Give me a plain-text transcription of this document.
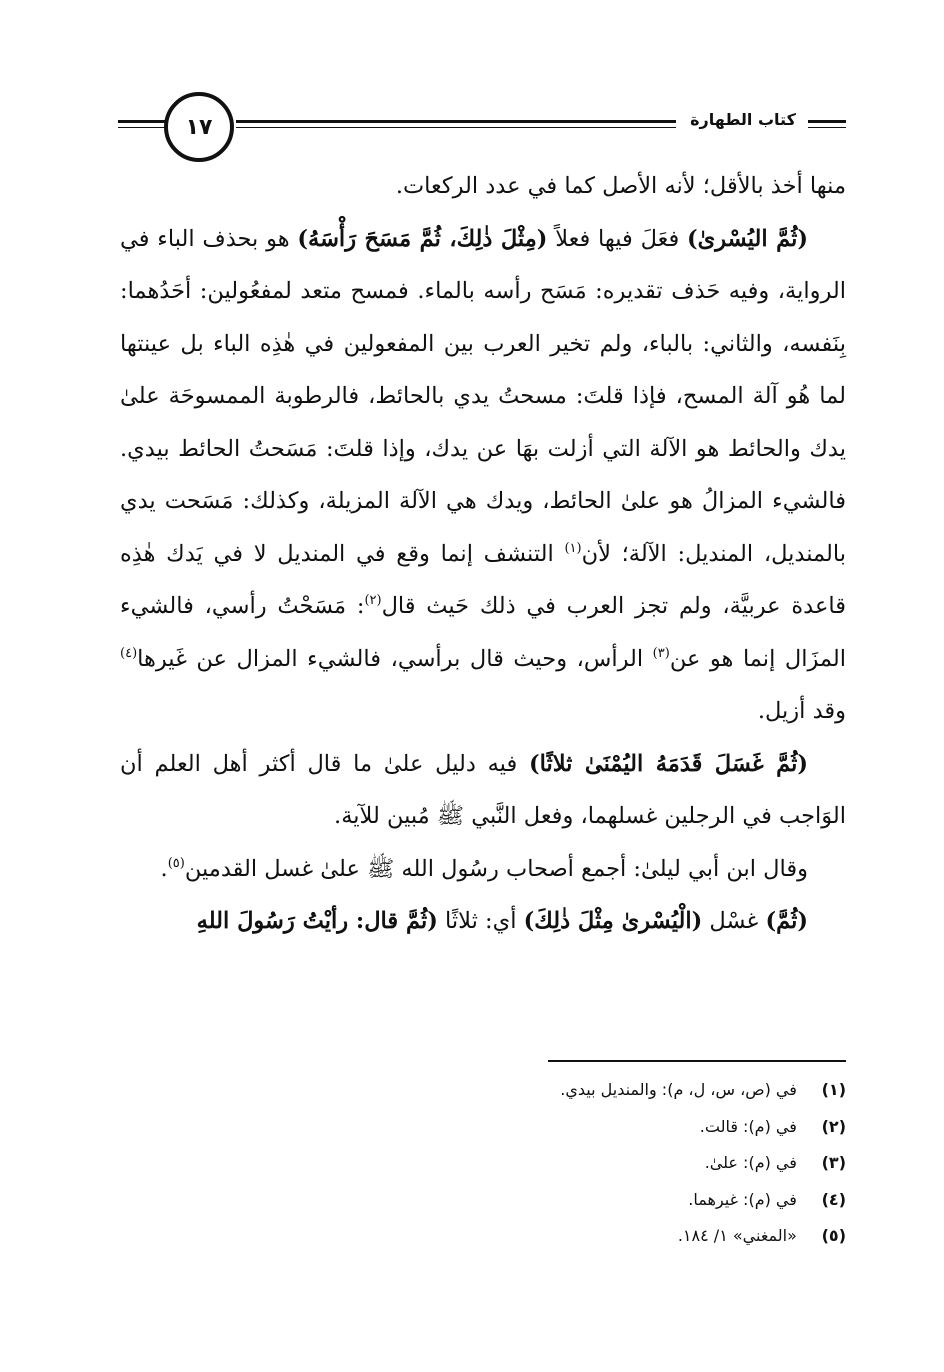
١٧	كتاب الطهارة

منها أخذ بالأقل؛ لأنه الأصل كما في عدد الركعات.

(ثُمَّ اليُسْرىٰ) فعَلَ فيها فعلاً (مِثْلَ ذٰلِكَ، ثُمَّ مَسَحَ رَأْسَهُ) هو بحذف الباء في الرواية، وفيه حَذف تقديره: مَسَح رأسه بالماء. فمسح متعد لمفعُولين: أحَدُهما: بِنَفسه، والثاني: بالباء، ولم تخير العرب بين المفعولين في هٰذِه الباء بل عينتها لما هُو آلة المسح، فإذا قلتَ: مسحتُ يدي بالحائط، فالرطوبة الممسوحَة علىٰ يدك والحائط هو الآلة التي أزلت بهَا عن يدك، وإذا قلتَ: مَسَحتُ الحائط بيدي. فالشيء المزالُ هو علىٰ الحائط، ويدك هي الآلة المزيلة، وكذلك: مَسَحت يدي بالمنديل، المنديل: الآلة؛ لأن$^{(١)}$ التنشف إنما وقع في المنديل لا في يَدك هٰذِه قاعدة عربيَّة، ولم تجز العرب في ذلك حَيث قال$^{(٢)}$: مَسَحْتُ رأسي، فالشيء المزَال إنما هو عن$^{(٣)}$ الرأس، وحيث قال برأسي، فالشيء المزال عن غَيرها$^{(٤)}$ وقد أزيل.

(ثُمَّ غَسَلَ قَدَمَهُ اليُمْنَىٰ ثلاثًا) فيه دليل علىٰ ما قال أكثر أهل العلم أن الوَاجب في الرجلين غسلهما، وفعل النَّبي ﷺ مُبين للآية.

وقال ابن أبي ليلىٰ: أجمع أصحاب رسُول الله ﷺ علىٰ غسل القدمين$^{(٥)}$.

(ثُمَّ) غسْل (الْيُسْرىٰ مِثْلَ ذٰلِكَ) أي: ثلاثًا (ثُمَّ قال: رأيْتُ رَسُولَ اللهِ

(١) في (ص، س، ل، م): والمنديل بيدي.
(٢) في (م): قالت.
(٣) في (م): علىٰ.
(٤) في (م): غيرهما.
(٥) «المغني» ١/ ١٨٤.
